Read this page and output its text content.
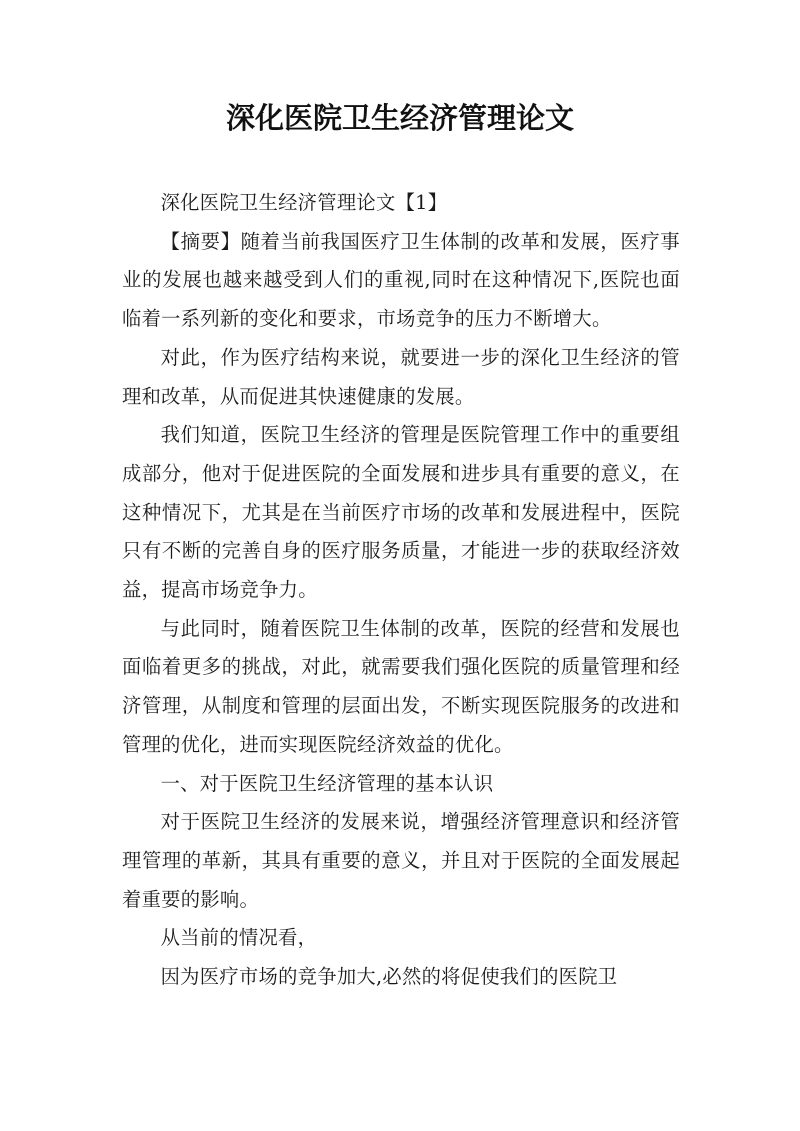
深化医院卫生经济管理论文

深化医院卫生经济管理论文【1】

【摘要】随着当前我国医疗卫生体制的改革和发展，医疗事业的发展也越来越受到人们的重视,同时在这种情况下,医院也面临着一系列新的变化和要求，市场竞争的压力不断增大。

对此，作为医疗结构来说，就要进一步的深化卫生经济的管理和改革，从而促进其快速健康的发展。

我们知道，医院卫生经济的管理是医院管理工作中的重要组成部分，他对于促进医院的全面发展和进步具有重要的意义，在这种情况下，尤其是在当前医疗市场的改革和发展进程中，医院只有不断的完善自身的医疗服务质量，才能进一步的获取经济效益，提高市场竞争力。

与此同时，随着医院卫生体制的改革，医院的经营和发展也面临着更多的挑战，对此，就需要我们强化医院的质量管理和经济管理，从制度和管理的层面出发，不断实现医院服务的改进和管理的优化，进而实现医院经济效益的优化。

一、对于医院卫生经济管理的基本认识

对于医院卫生经济的发展来说，增强经济管理意识和经济管理管理的革新，其具有重要的意义，并且对于医院的全面发展起着重要的影响。

从当前的情况看，

因为医疗市场的竞争加大,必然的将促使我们的医院卫
